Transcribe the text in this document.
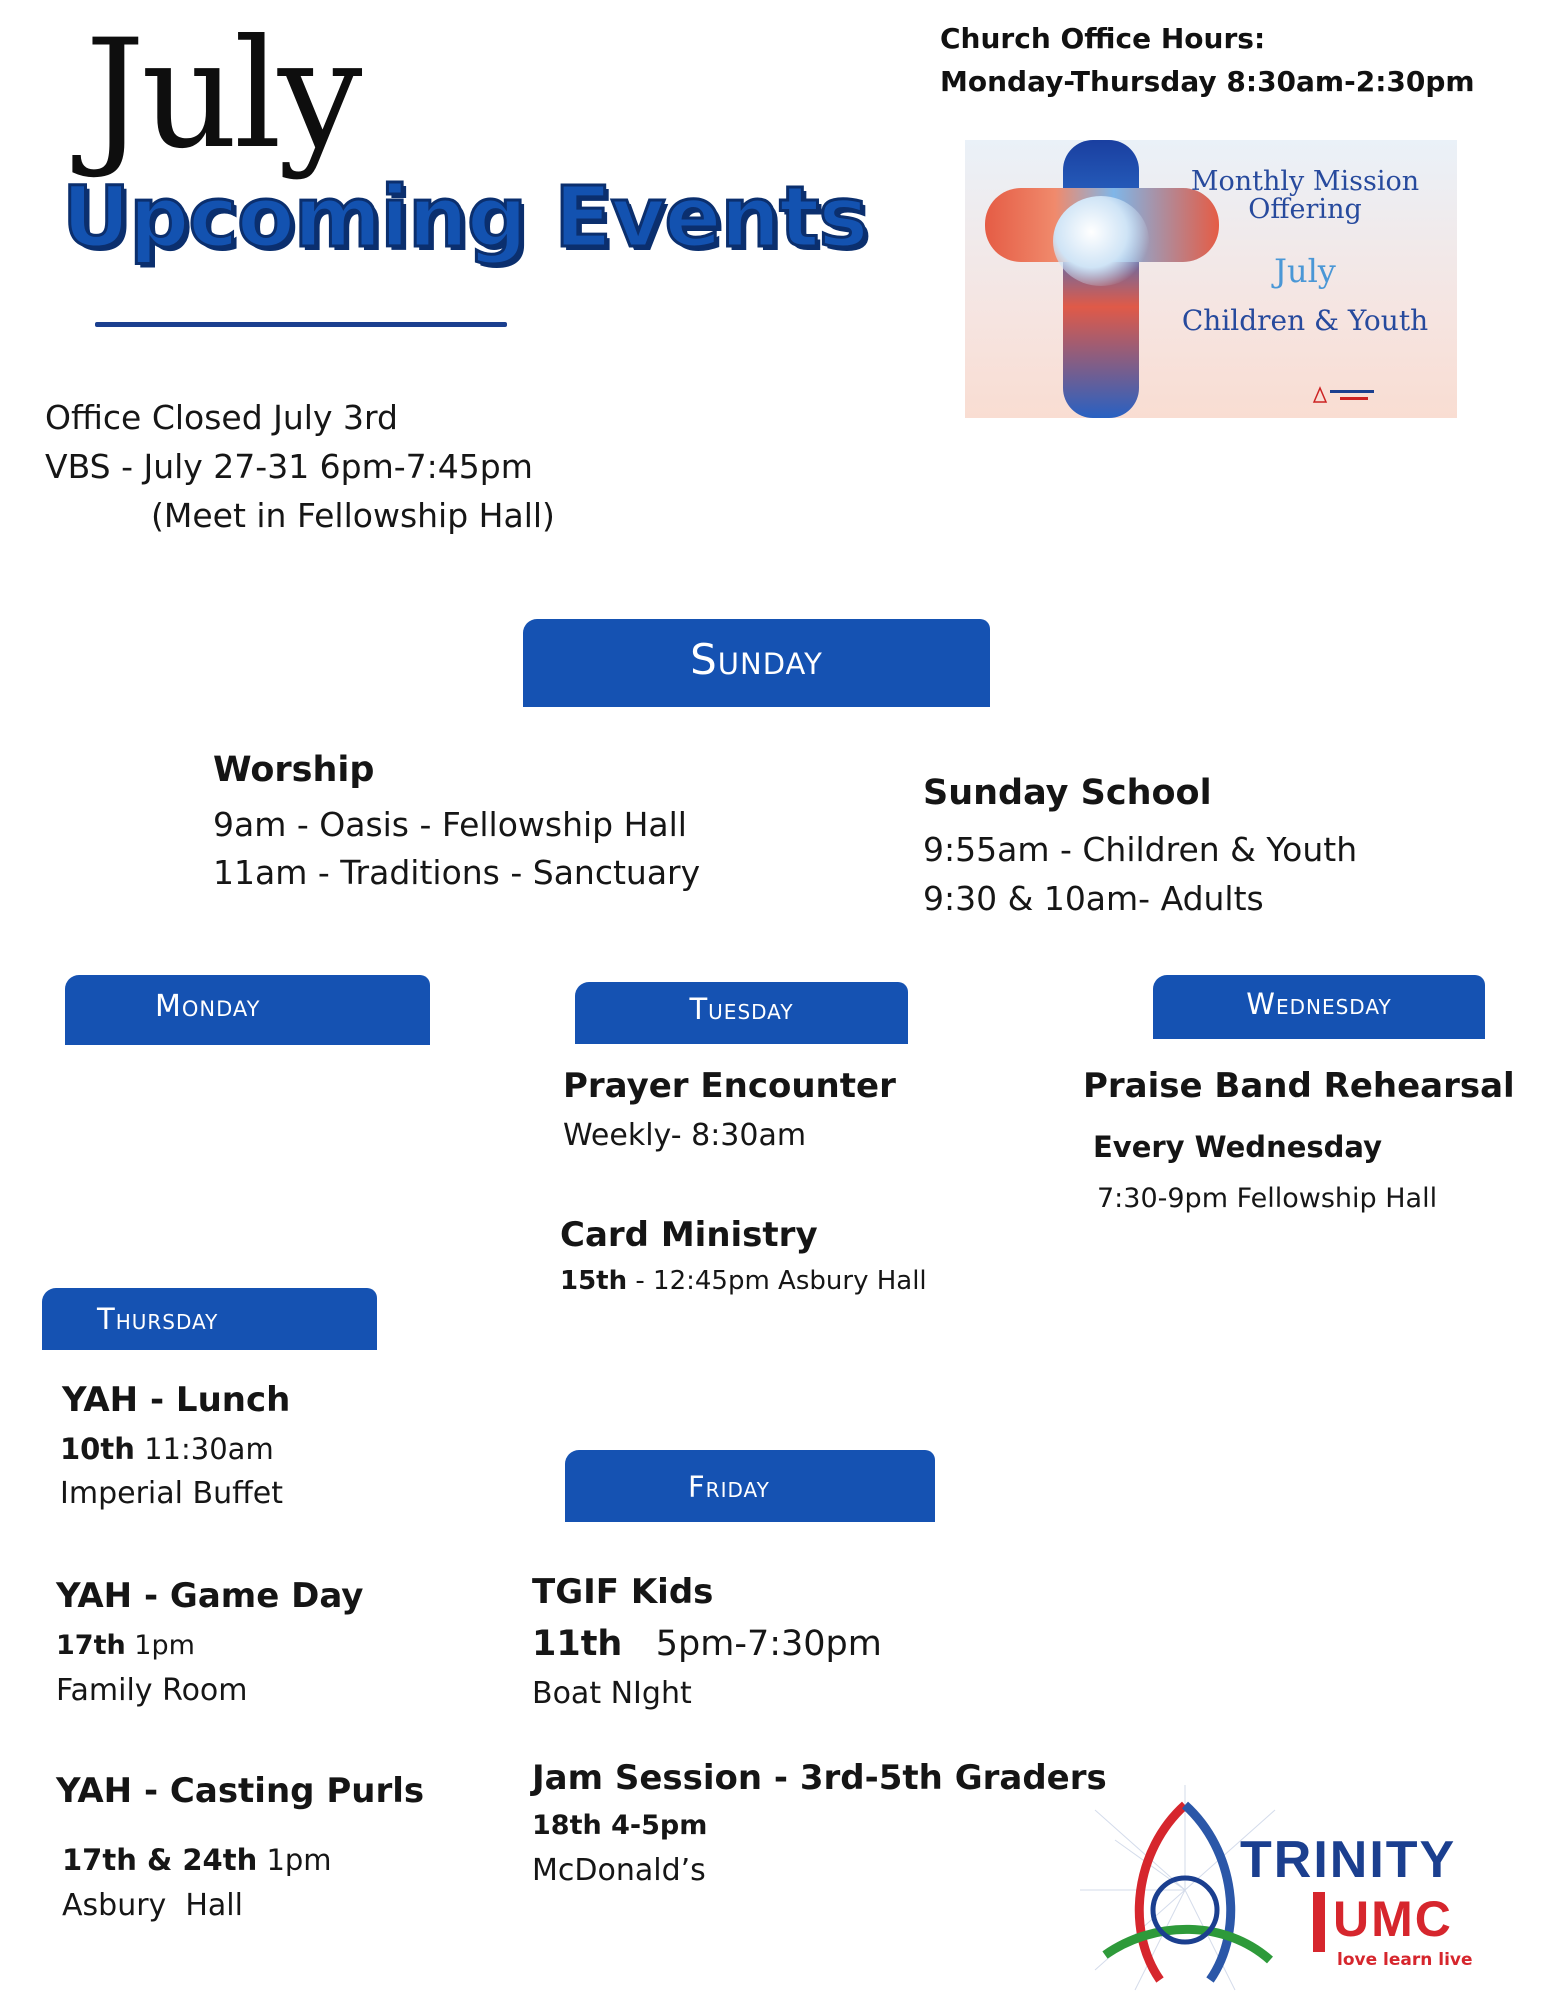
July
Upcoming Events
Church Office Hours:
Monday-Thursday 8:30am-2:30pm
Monthly Mission
Offering
July
Children & Youth
Office Closed July 3rd
VBS - July 27-31 6pm-7:45pm
(Meet in Fellowship Hall)
Sunday
Worship
9am - Oasis - Fellowship Hall
11am - Traditions - Sanctuary
Sunday School
9:55am - Children & Youth
9:30 & 10am- Adults
Monday	Tuesday
Prayer Encounter
Weekly- 8:30am
Card Ministry
15th - 12:45pm Asbury Hall
Wednesday
Praise Band Rehearsal
Every Wednesday
7:30-9pm Fellowship Hall
Thursday
YAH - Lunch
10th 11:30am
Imperial Buffet
YAH - Game Day
17th 1pm
Family Room
YAH - Casting Purls
17th & 24th 1pm
Asbury  Hall
Friday
TGIF Kids
11th 5pm-7:30pm
Boat NIght
Jam Session - 3rd-5th Graders
18th 4-5pm
McDonald’s	TRINITY
UMC
love learn live
